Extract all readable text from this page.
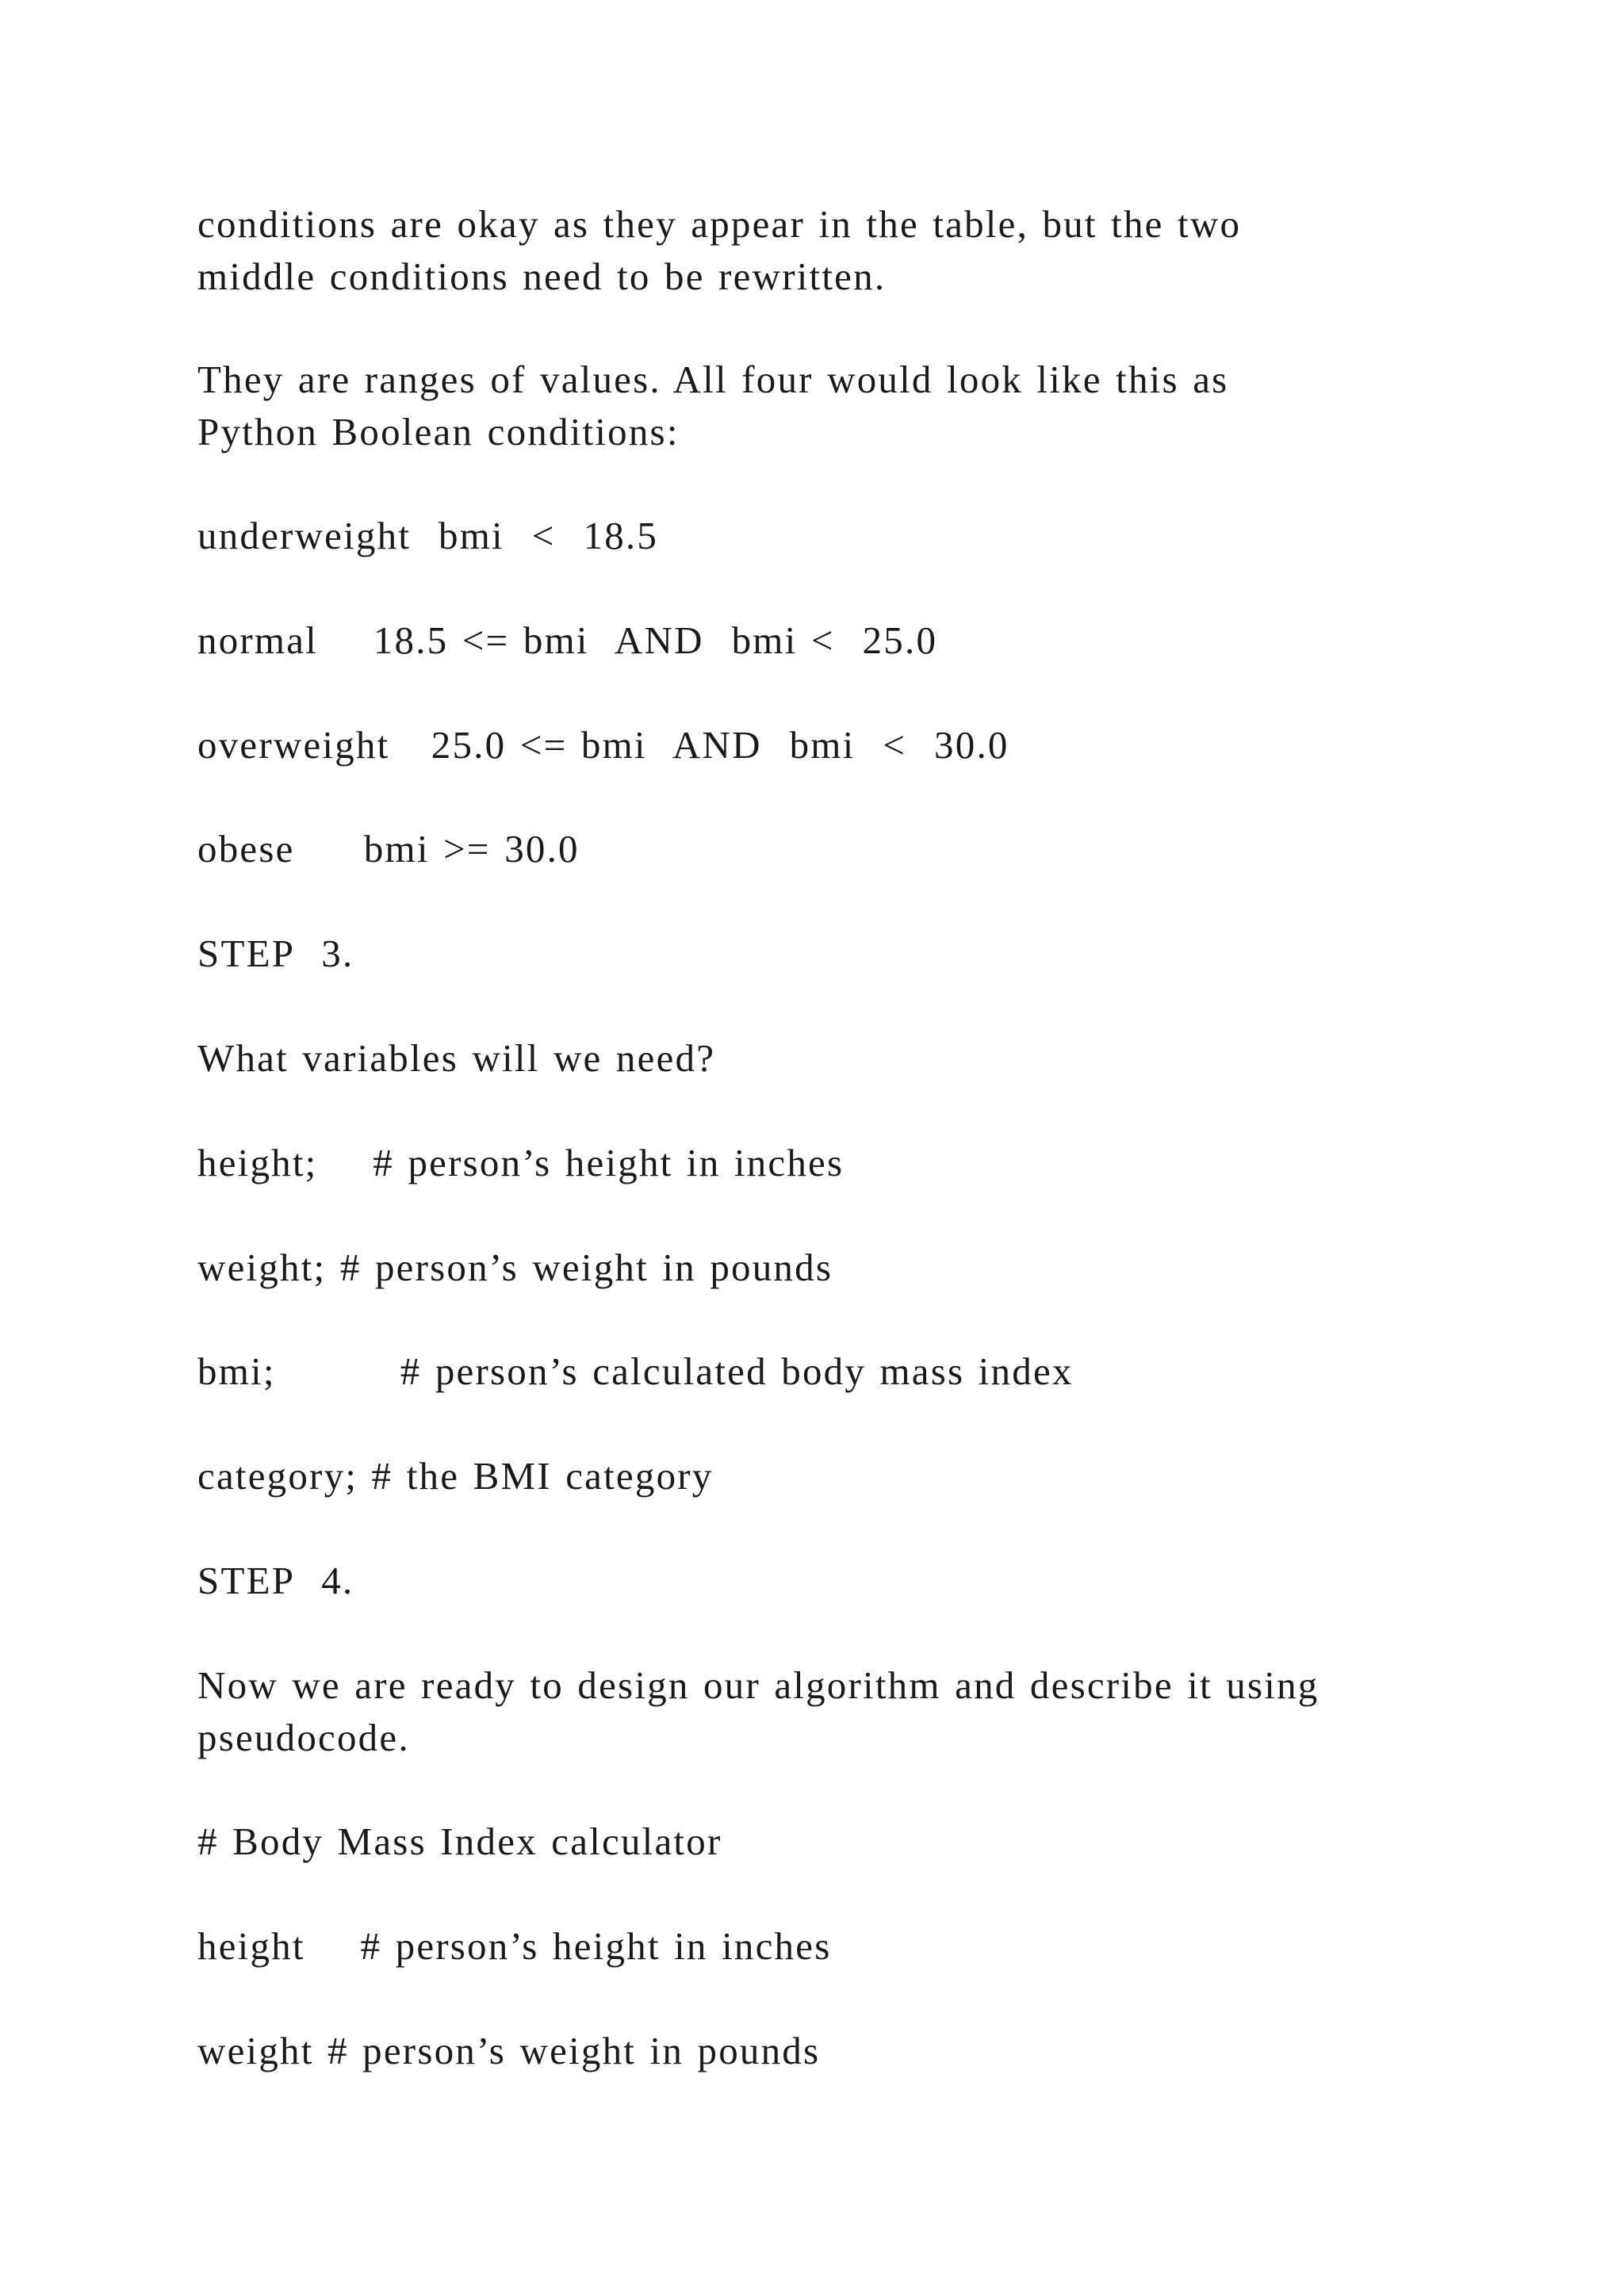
conditions are okay as they appear in the table, but the two

middle conditions need to be rewritten.

They are ranges of values. All four would look like this as

Python Boolean conditions:

underweight  bmi  <  18.5

normal    18.5 <= bmi  AND  bmi <  25.0

overweight   25.0 <= bmi  AND  bmi  <  30.0

obese     bmi >= 30.0

STEP  3.

What variables will we need?

height;    # person’s height in inches

weight; # person’s weight in pounds

bmi;         # person’s calculated body mass index

category; # the BMI category

STEP  4.

Now we are ready to design our algorithm and describe it using

pseudocode.

# Body Mass Index calculator

height    # person’s height in inches

weight # person’s weight in pounds
